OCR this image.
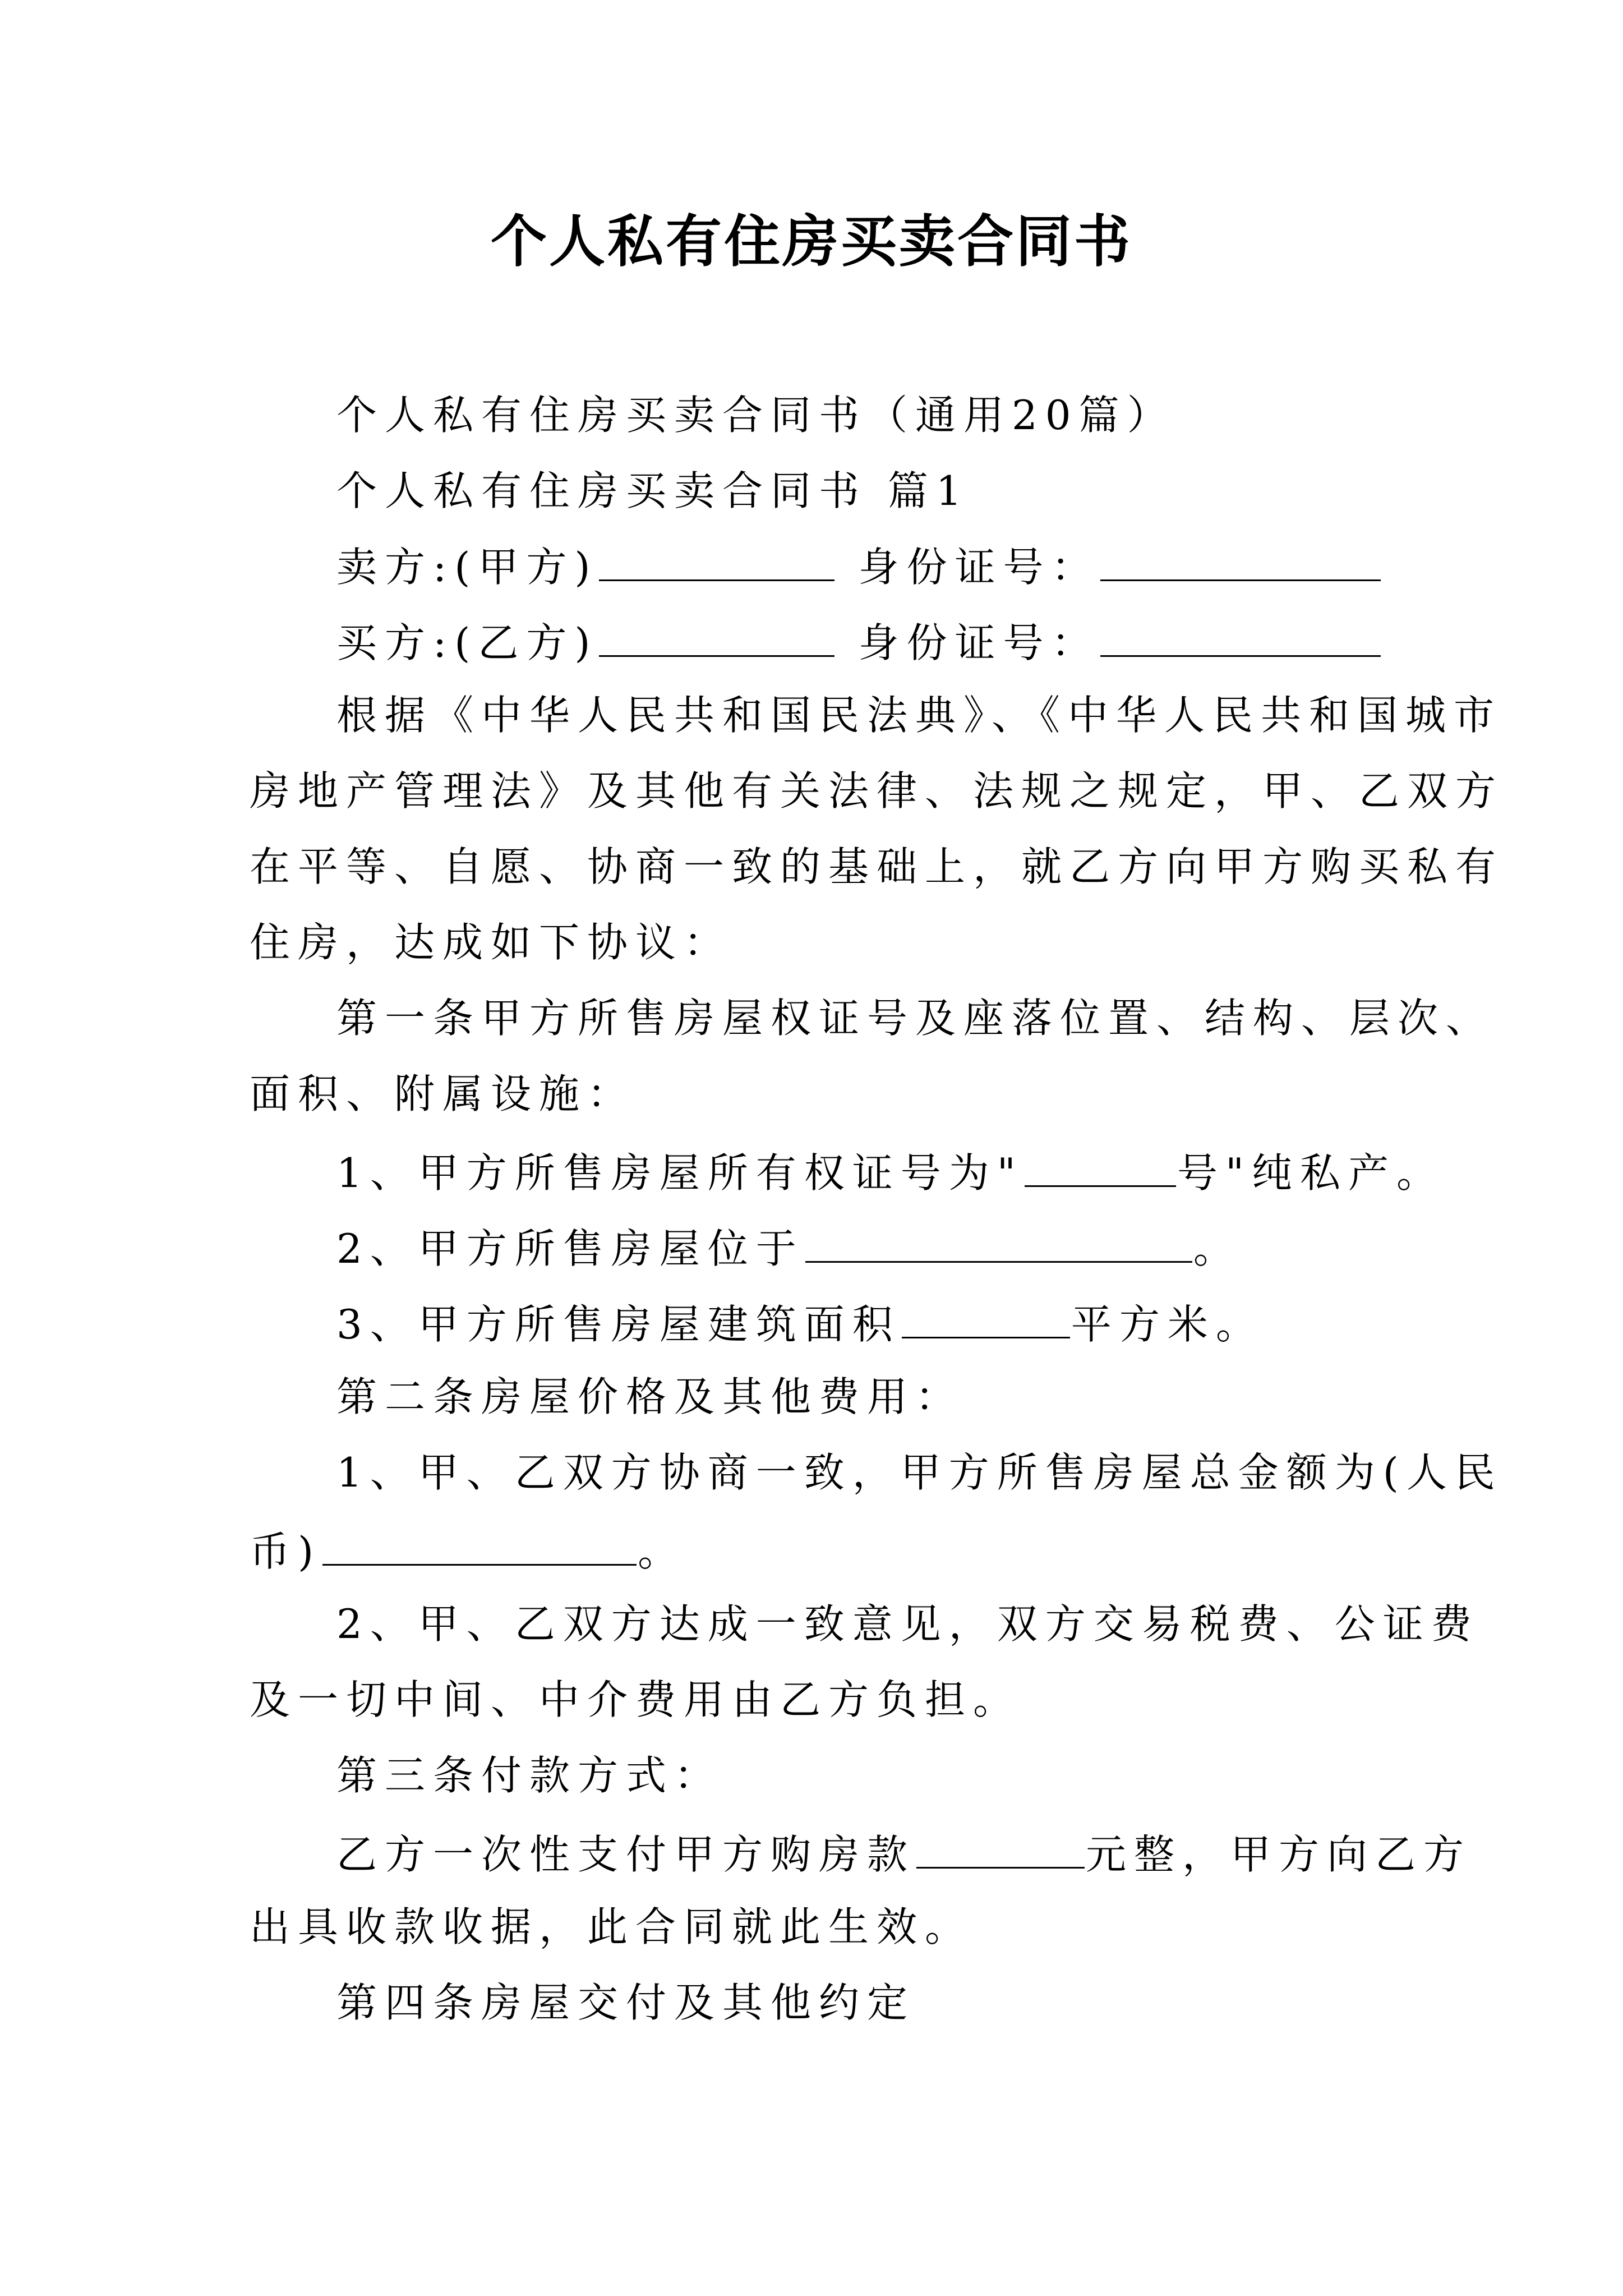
个人私有住房买卖合同书
个人私有住房买卖合同书（通用20篇）
个人私有住房买卖合同书 篇1
卖方:(甲方)	身份证号：
买方:(乙方)	身份证号：
根据《中华人民共和国民法典》、《中华人民共和国城市
房地产管理法》及其他有关法律、法规之规定，甲、乙双方
在平等、自愿、协商一致的基础上，就乙方向甲方购买私有
住房，达成如下协议：
第一条甲方所售房屋权证号及座落位置、结构、层次、
面积、附属设施：
1、甲方所售房屋所有权证号为"	号"纯私产。
2、甲方所售房屋位于	。
3、甲方所售房屋建筑面积	平方米。
第二条房屋价格及其他费用：
1、甲、乙双方协商一致，甲方所售房屋总金额为(人民
币)	。
2、甲、乙双方达成一致意见，双方交易税费、公证费
及一切中间、中介费用由乙方负担。
第三条付款方式：
乙方一次性支付甲方购房款	元整，甲方向乙方
出具收款收据，此合同就此生效。
第四条房屋交付及其他约定
